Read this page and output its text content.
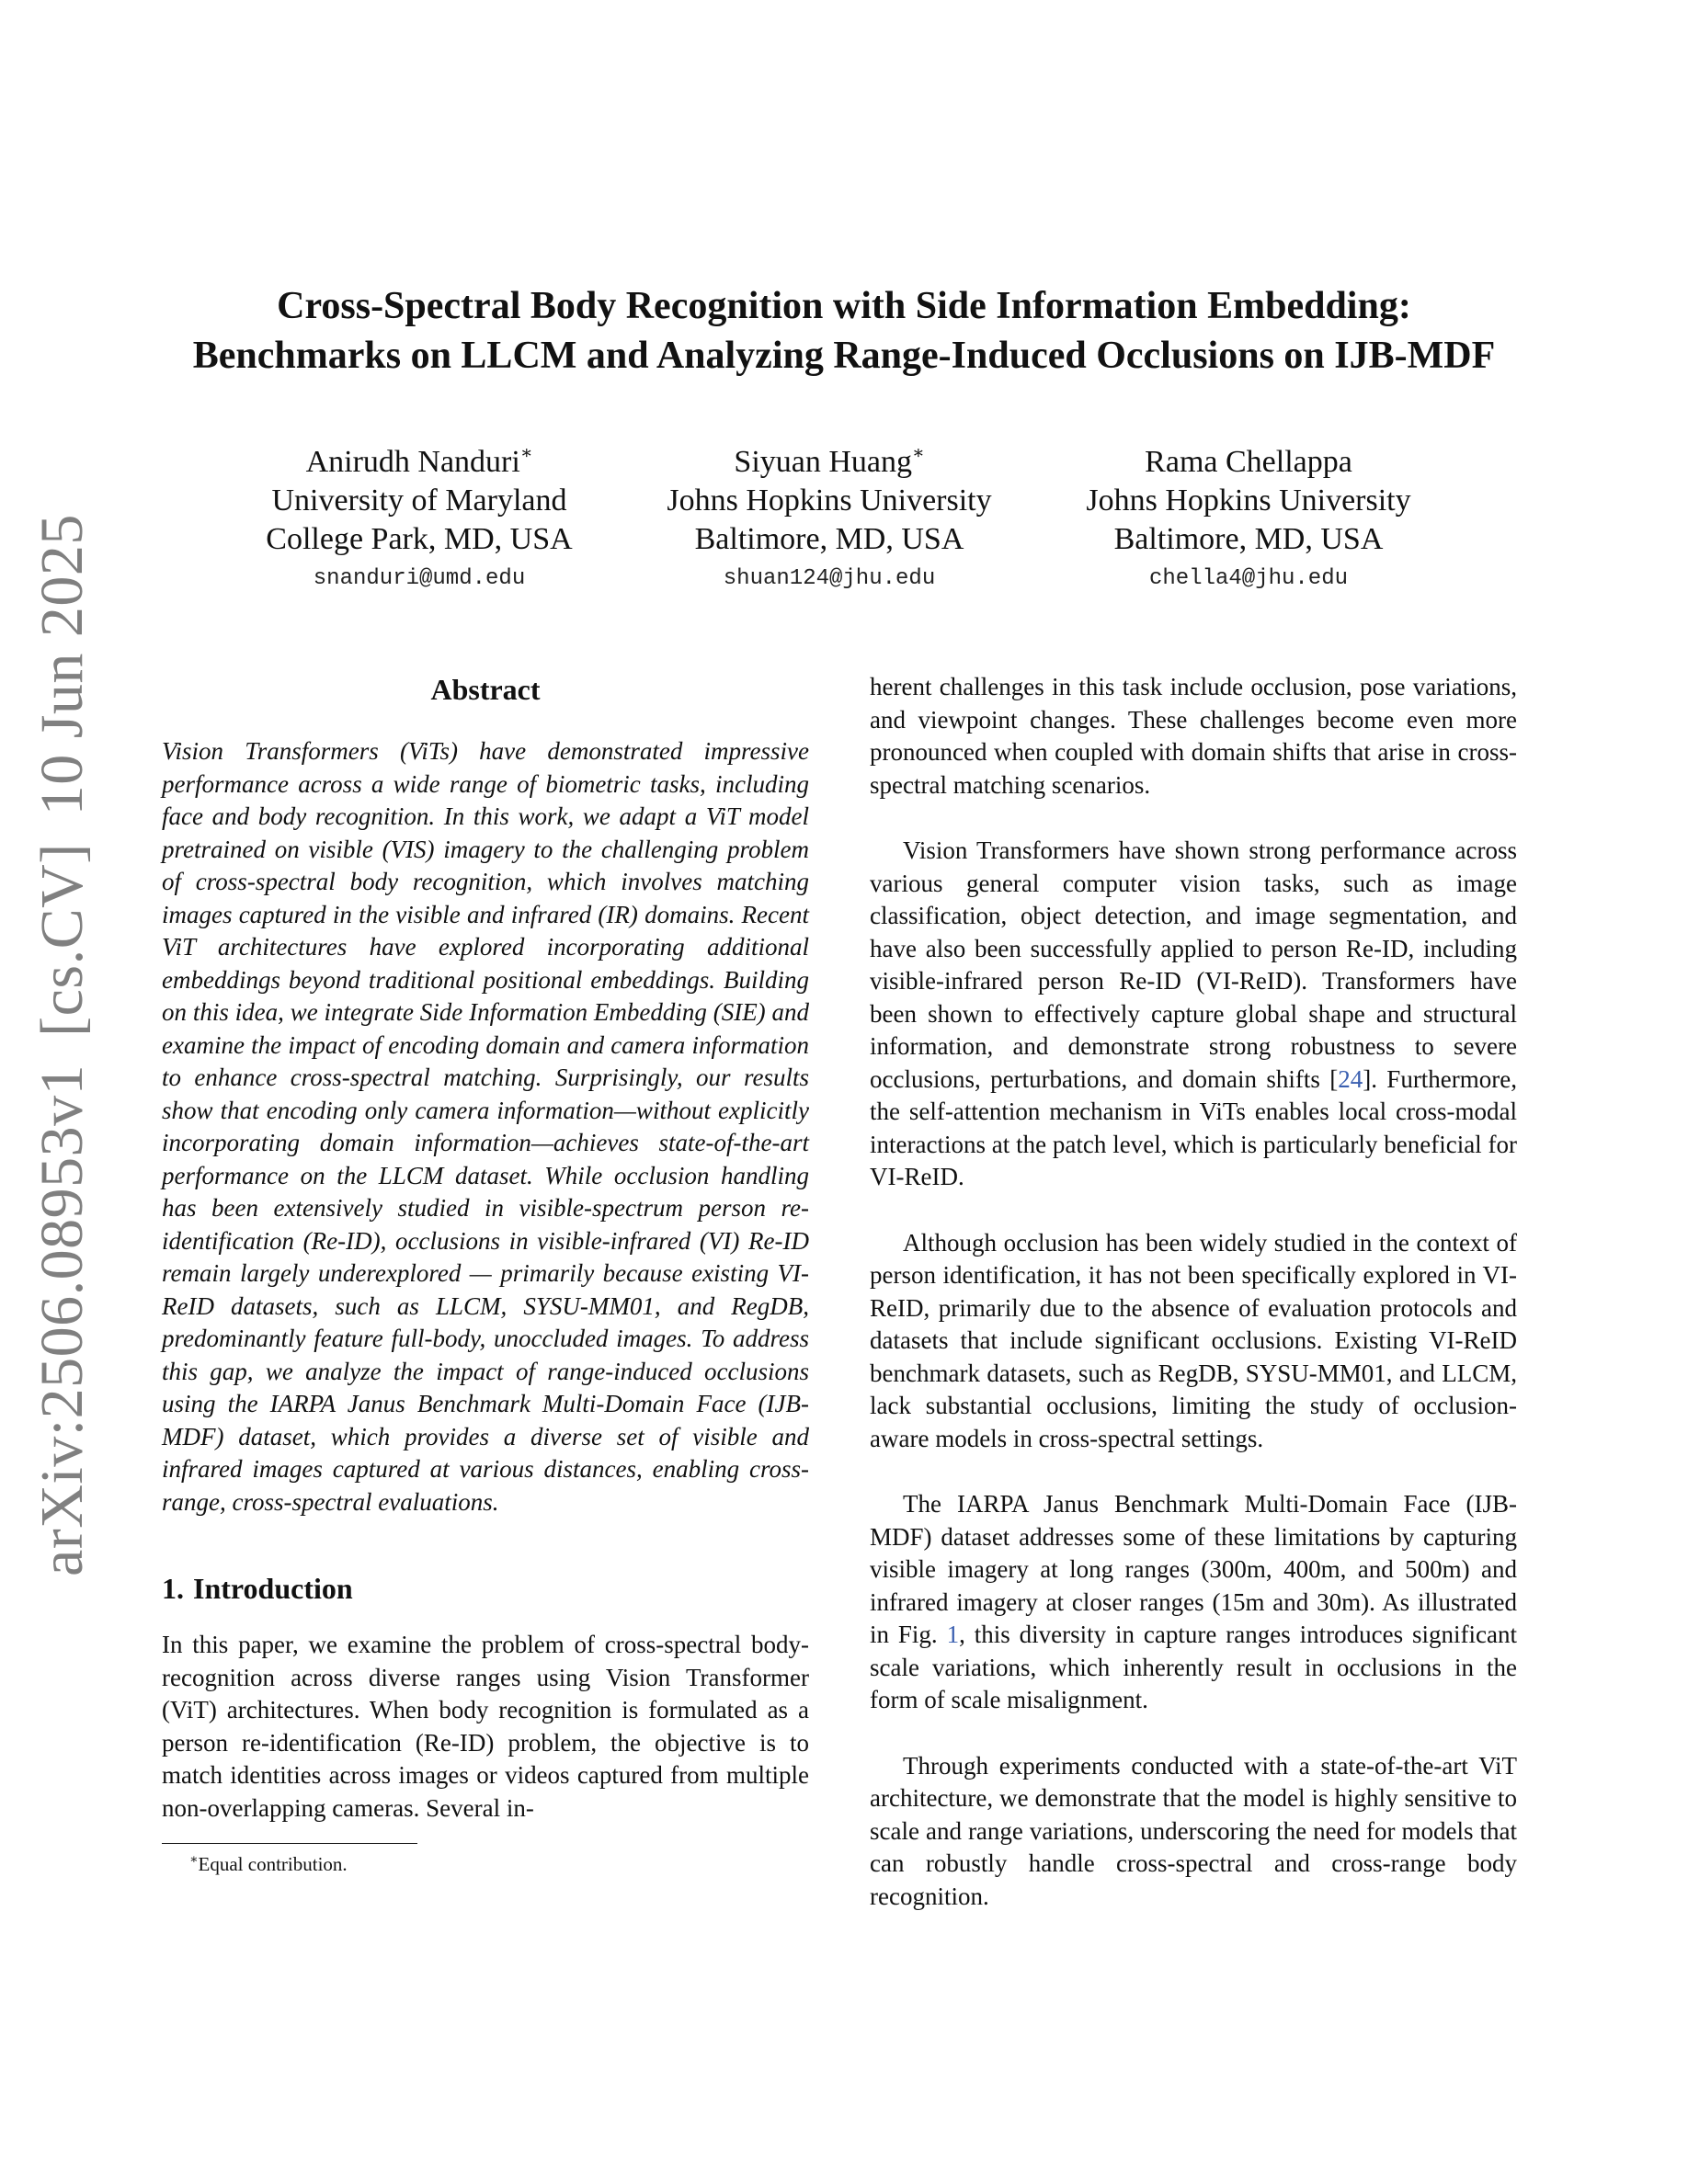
arXiv:2506.08953v1[cs.CV]10 Jun 2025
Cross-Spectral Body Recognition with Side Information Embedding:
Benchmarks on LLCM and Analyzing Range-Induced Occlusions on IJB-MDF
Anirudh Nanduri∗
University of Maryland
College Park, MD, USA
snanduri@umd.edu
Siyuan Huang∗
Johns Hopkins University
Baltimore, MD, USA
shuan124@jhu.edu
Rama Chellappa
Johns Hopkins University
Baltimore, MD, USA
chella4@jhu.edu
Abstract

Vision Transformers (ViTs) have demonstrated impressive performance across a wide range of biometric tasks, including face and body recognition. In this work, we adapt a ViT model pretrained on visible (VIS) imagery to the challenging problem of cross-spectral body recognition, which involves matching images captured in the visible and infrared (IR) domains. Recent ViT architectures have explored incorporating additional embeddings beyond traditional positional embeddings. Building on this idea, we integrate Side Information Embedding (SIE) and examine the impact of encoding domain and camera information to enhance cross-spectral matching. Surprisingly, our results show that encoding only camera information—without explicitly incorporating domain information—achieves state-of-the-art performance on the LLCM dataset. While occlusion handling has been extensively studied in visible-spectrum person re-identification (Re-ID), occlusions in visible-infrared (VI) Re-ID remain largely underexplored — primarily because existing VI-ReID datasets, such as LLCM, SYSU-MM01, and RegDB, predominantly feature full-body, unoccluded images. To address this gap, we analyze the impact of range-induced occlusions using the IARPA Janus Benchmark Multi-Domain Face (IJB-MDF) dataset, which provides a diverse set of visible and infrared images captured at various distances, enabling cross-range, cross-spectral evaluations.

1. Introduction

In this paper, we examine the problem of cross-spectral body-recognition across diverse ranges using Vision Transformer (ViT) architectures. When body recognition is formulated as a person re-identification (Re-ID) problem, the objective is to match identities across images or videos captured from multiple non-overlapping cameras. Several in-

∗Equal contribution.

herent challenges in this task include occlusion, pose variations, and viewpoint changes. These challenges become even more pronounced when coupled with domain shifts that arise in cross-spectral matching scenarios.

Vision Transformers have shown strong performance across various general computer vision tasks, such as image classification, object detection, and image segmentation, and have also been successfully applied to person Re-ID, including visible-infrared person Re-ID (VI-ReID). Transformers have been shown to effectively capture global shape and structural information, and demonstrate strong robustness to severe occlusions, perturbations, and domain shifts [24]. Furthermore, the self-attention mechanism in ViTs enables local cross-modal interactions at the patch level, which is particularly beneficial for VI-ReID.

Although occlusion has been widely studied in the context of person identification, it has not been specifically explored in VI-ReID, primarily due to the absence of evaluation protocols and datasets that include significant occlusions. Existing VI-ReID benchmark datasets, such as RegDB, SYSU-MM01, and LLCM, lack substantial occlusions, limiting the study of occlusion-aware models in cross-spectral settings.

The IARPA Janus Benchmark Multi-Domain Face (IJB-MDF) dataset addresses some of these limitations by capturing visible imagery at long ranges (300m, 400m, and 500m) and infrared imagery at closer ranges (15m and 30m). As illustrated in Fig. 1, this diversity in capture ranges introduces significant scale variations, which inherently result in occlusions in the form of scale misalignment.

Through experiments conducted with a state-of-the-art ViT architecture, we demonstrate that the model is highly sensitive to scale and range variations, underscoring the need for models that can robustly handle cross-spectral and cross-range body recognition.
